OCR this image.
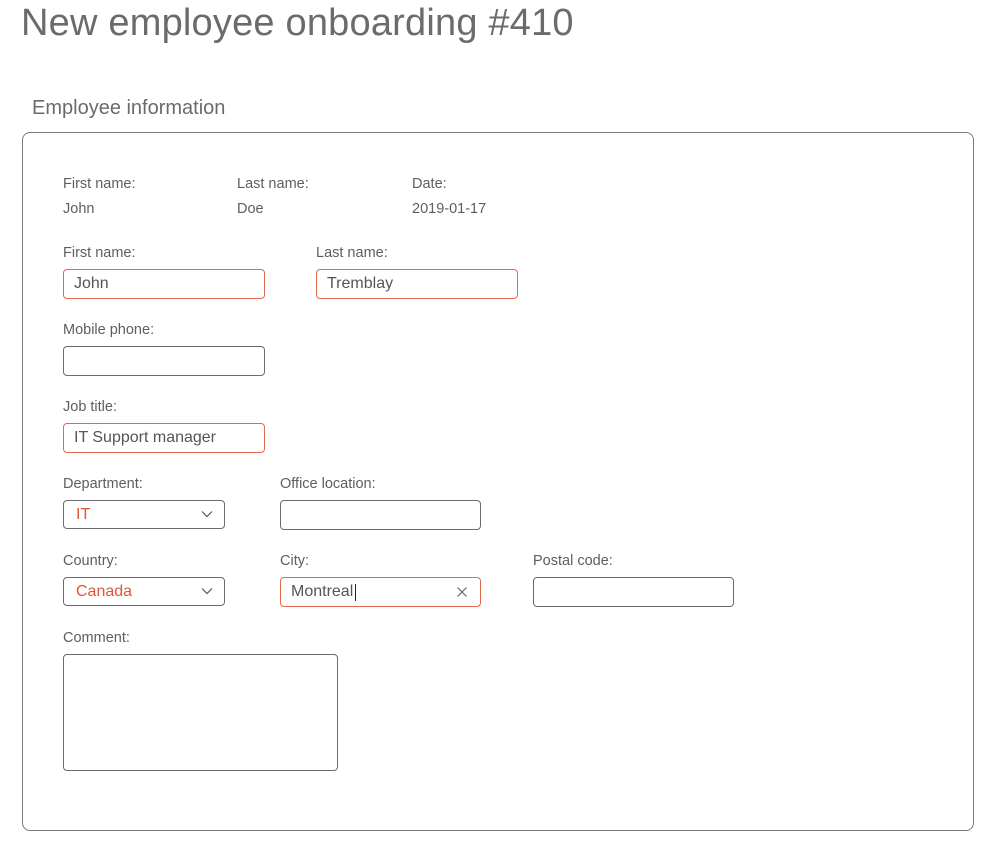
New employee onboarding #410
Employee information
First name:
John
Last name:
Doe
Date:
2019-01-17
First name:
John	Last name:
Tremblay
Mobile phone:
Job title:
IT Support manager
Department:
IT
Office location:
Country:
Canada
City:
Montreal	Postal code:
Comment:
